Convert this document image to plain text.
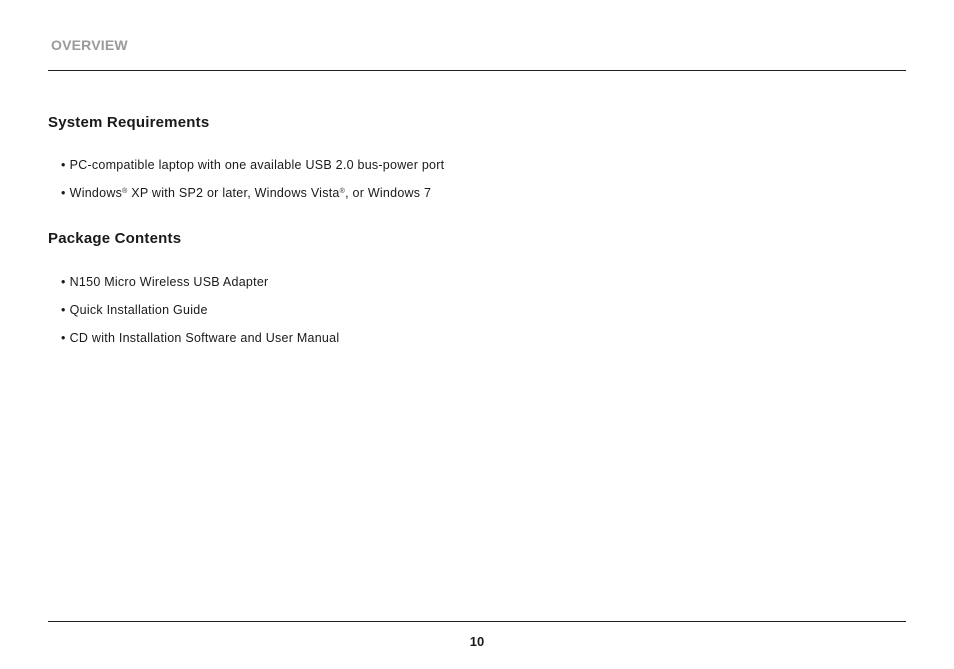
OVERVIEW
System Requirements
• PC-compatible laptop with one available USB 2.0 bus-power port
• Windows® XP with SP2 or later, Windows Vista®, or Windows 7
Package Contents
• N150 Micro Wireless USB Adapter
• Quick Installation Guide
• CD with Installation Software and User Manual
10
